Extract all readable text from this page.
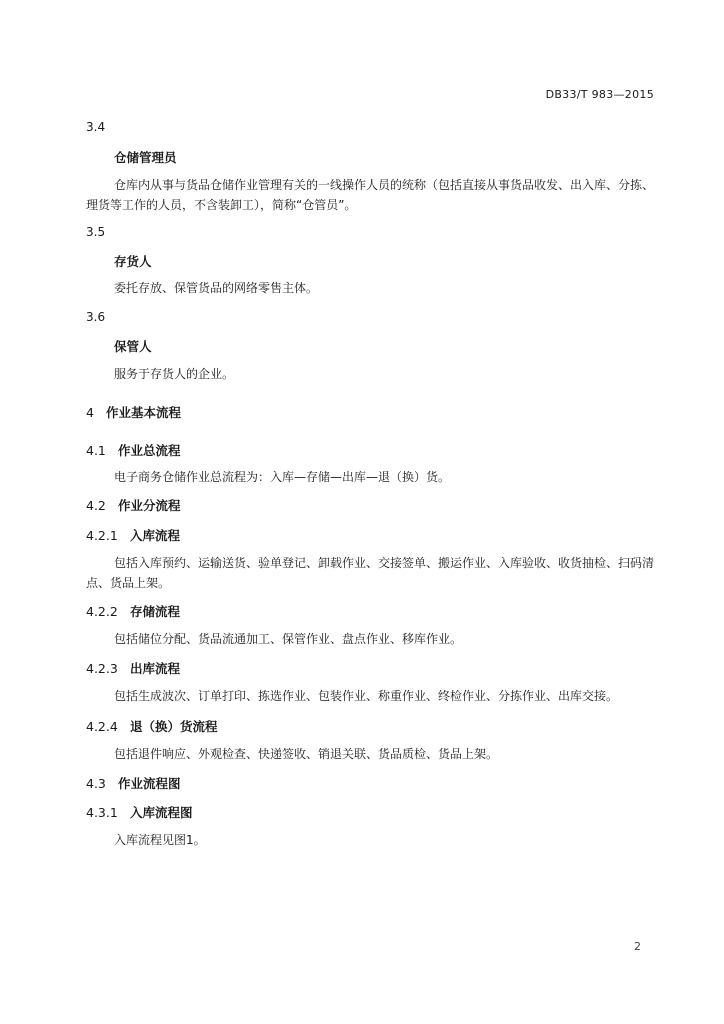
DB33/T 983—2015
3.4
仓储管理员
仓库内从事与货品仓储作业管理有关的一线操作人员的统称（包括直接从事货品收发、出入库、分拣、理货等工作的人员，不含装卸工），简称“仓管员”。
3.5
存货人
委托存放、保管货品的网络零售主体。
3.6
保管人
服务于存货人的企业。
4 作业基本流程
4.1 作业总流程
电子商务仓储作业总流程为：入库—存储—出库—退（换）货。
4.2 作业分流程
4.2.1 入库流程
包括入库预约、运输送货、验单登记、卸载作业、交接签单、搬运作业、入库验收、收货抽检、扫码清点、货品上架。
4.2.2 存储流程
包括储位分配、货品流通加工、保管作业、盘点作业、移库作业。
4.2.3 出库流程
包括生成波次、订单打印、拣选作业、包装作业、称重作业、终检作业、分拣作业、出库交接。
4.2.4 退（换）货流程
包括退件响应、外观检查、快递签收、销退关联、货品质检、货品上架。
4.3 作业流程图
4.3.1 入库流程图
入库流程见图1。
2
